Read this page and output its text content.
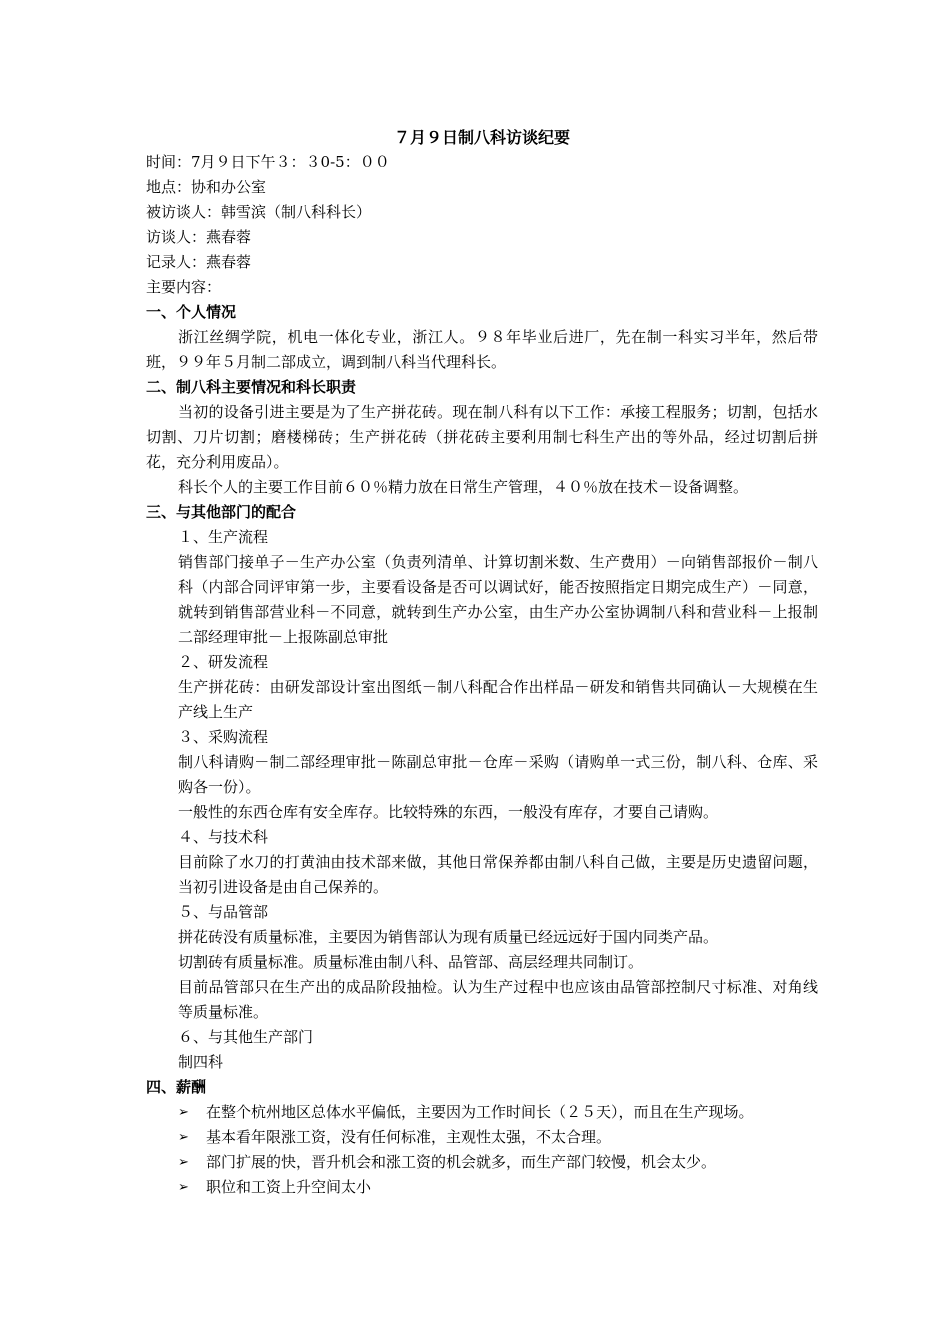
７月９日制八科访谈纪要

时间：7月９日下午３：３0-5：００

地点：协和办公室

被访谈人：韩雪滨（制八科科长）

访谈人：燕春蓉

记录人：燕春蓉

主要内容：

一、个人情况

浙江丝绸学院，机电一体化专业，浙江人。９８年毕业后进厂，先在制一科实习半年，然后带班，９９年５月制二部成立，调到制八科当代理科长。

二、制八科主要情况和科长职责

当初的设备引进主要是为了生产拼花砖。现在制八科有以下工作：承接工程服务；切割，包括水切割、刀片切割；磨楼梯砖；生产拼花砖（拼花砖主要利用制七科生产出的等外品，经过切割后拼花，充分利用废品）。

科长个人的主要工作目前６０％精力放在日常生产管理，４０％放在技术－设备调整。

三、与其他部门的配合

１、生产流程

销售部门接单子－生产办公室（负责列清单、计算切割米数、生产费用）－向销售部报价－制八科（内部合同评审第一步，主要看设备是否可以调试好，能否按照指定日期完成生产）－同意，就转到销售部营业科－不同意，就转到生产办公室，由生产办公室协调制八科和营业科－上报制二部经理审批－上报陈副总审批

２、研发流程

生产拼花砖：由研发部设计室出图纸－制八科配合作出样品－研发和销售共同确认－大规模在生产线上生产

３、采购流程

制八科请购－制二部经理审批－陈副总审批－仓库－采购（请购单一式三份，制八科、仓库、采购各一份）。

一般性的东西仓库有安全库存。比较特殊的东西，一般没有库存，才要自己请购。

４、与技术科

目前除了水刀的打黄油由技术部来做，其他日常保养都由制八科自己做，主要是历史遗留问题，当初引进设备是由自己保养的。

５、与品管部

拼花砖没有质量标准，主要因为销售部认为现有质量已经远远好于国内同类产品。

切割砖有质量标准。质量标准由制八科、品管部、高层经理共同制订。

目前品管部只在生产出的成品阶段抽检。认为生产过程中也应该由品管部控制尺寸标准、对角线等质量标准。

６、与其他生产部门

制四科

四、薪酬
➢ 在整个杭州地区总体水平偏低，主要因为工作时间长（２５天），而且在生产现场。
➢ 基本看年限涨工资，没有任何标准，主观性太强，不太合理。
➢ 部门扩展的快，晋升机会和涨工资的机会就多，而生产部门较慢，机会太少。
➢ 职位和工资上升空间太小
